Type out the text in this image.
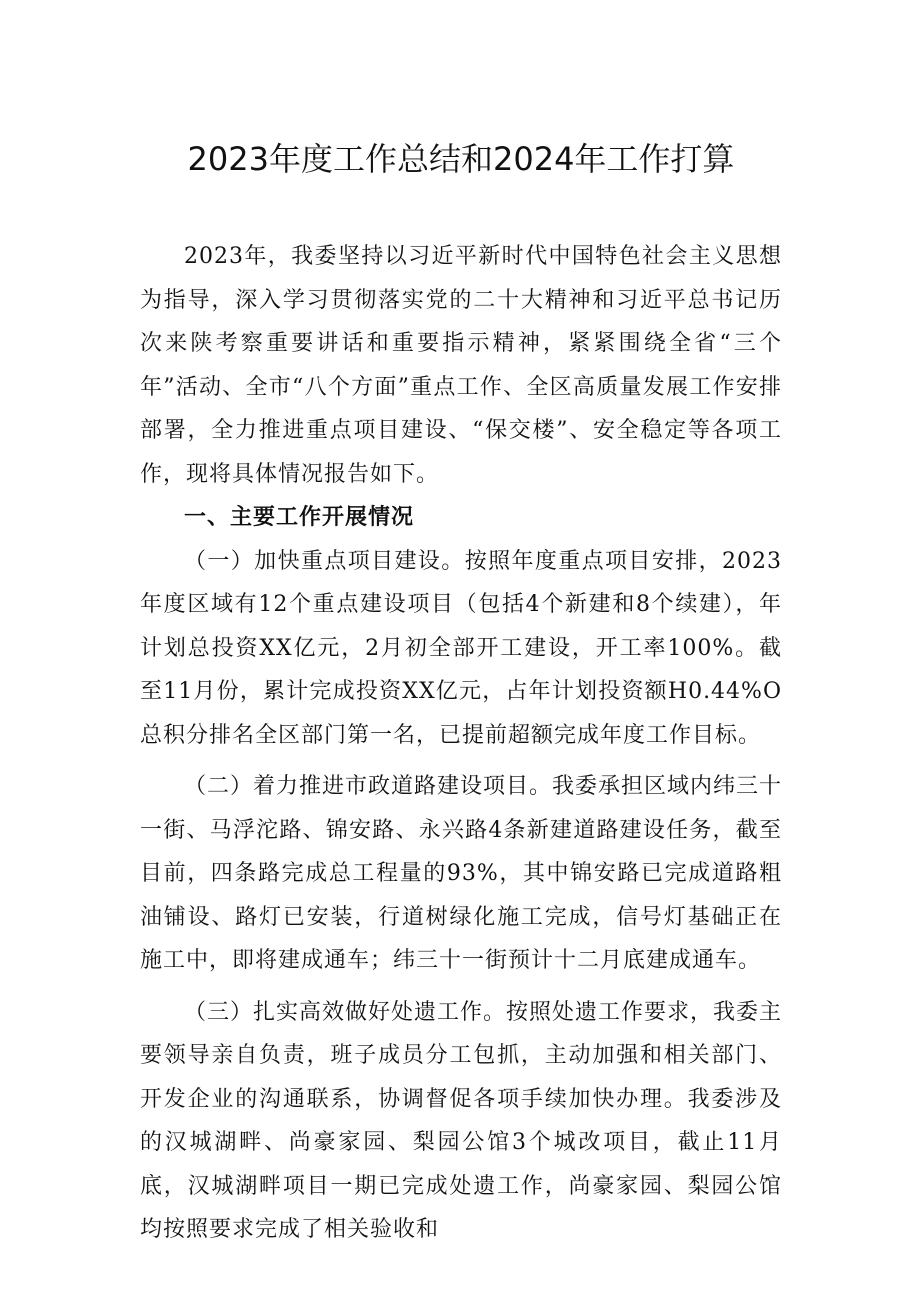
2023年度工作总结和2024年工作打算

2023年，我委坚持以习近平新时代中国特色社会主义思想为指导，深入学习贯彻落实党的二十大精神和习近平总书记历次来陕考察重要讲话和重要指示精神，紧紧围绕全省“三个年”活动、全市“八个方面”重点工作、全区高质量发展工作安排部署，全力推进重点项目建设、“保交楼”、安全稳定等各项工作，现将具体情况报告如下。

一、主要工作开展情况

（一）加快重点项目建设。按照年度重点项目安排，2023年度区域有12个重点建设项目（包括4个新建和8个续建），年计划总投资XX亿元，2月初全部开工建设，开工率100%。截至11月份，累计完成投资XX亿元，占年计划投资额H0.44%O总积分排名全区部门第一名，已提前超额完成年度工作目标。

（二）着力推进市政道路建设项目。我委承担区域内纬三十一街、马浮沱路、锦安路、永兴路4条新建道路建设任务，截至目前，四条路完成总工程量的93%，其中锦安路已完成道路粗油铺设、路灯已安装，行道树绿化施工完成，信号灯基础正在施工中，即将建成通车；纬三十一街预计十二月底建成通车。

（三）扎实高效做好处遗工作。按照处遗工作要求，我委主要领导亲自负责，班子成员分工包抓，主动加强和相关部门、开发企业的沟通联系，协调督促各项手续加快办理。我委涉及的汉城湖畔、尚豪家园、梨园公馆3个城改项目，截止11月底，汉城湖畔项目一期已完成处遗工作，尚豪家园、梨园公馆均按照要求完成了相关验收和
